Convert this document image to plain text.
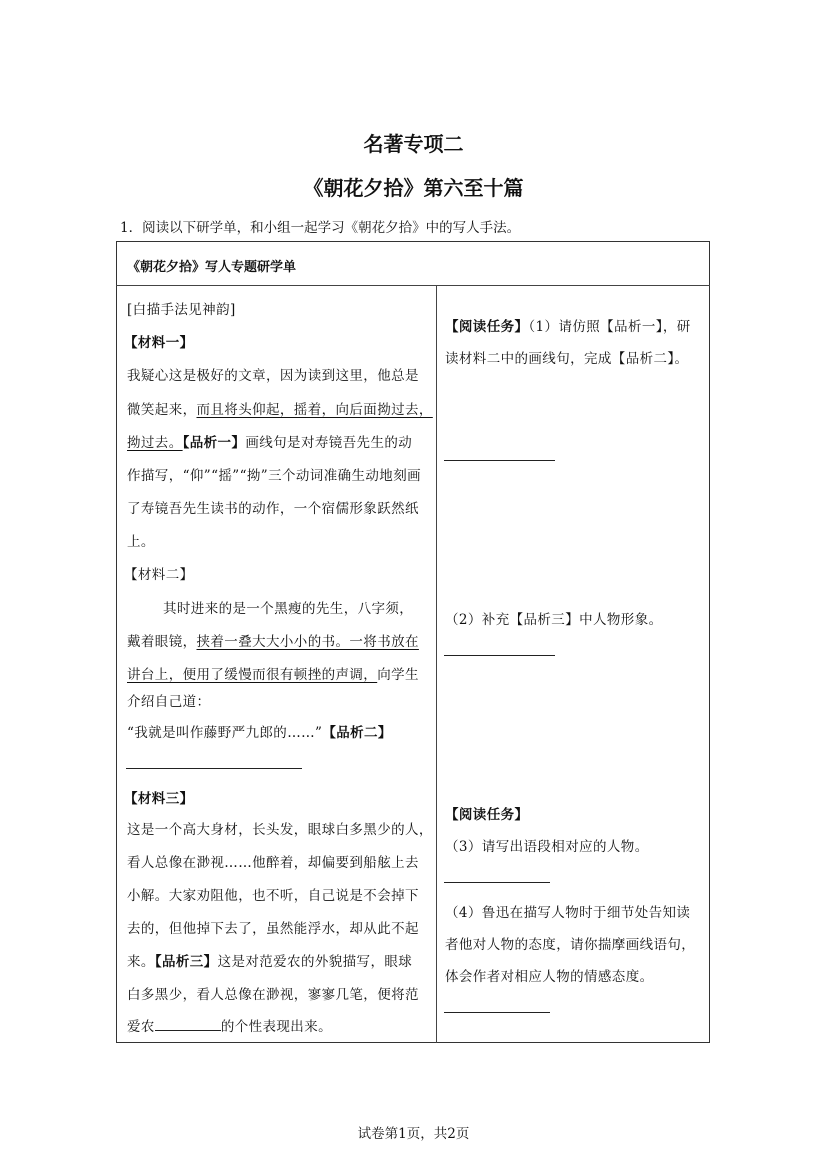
名著专项二
《朝花夕拾》第六至十篇
1．阅读以下研学单，和小组一起学习《朝花夕拾》中的写人手法。
《朝花夕拾》写人专题研学单
[白描手法见神韵]
【材料一】
我疑心这是极好的文章，因为读到这里，他总是
微笑起来，而且将头仰起，摇着，向后面拗过去，
拗过去。【品析一】画线句是对寿镜吾先生的动
作描写，“仰”“摇”“拗”三个动词准确生动地刻画
了寿镜吾先生读书的动作，一个宿儒形象跃然纸
上。
【材料二】
其时进来的是一个黑瘦的先生，八字须，
戴着眼镜，挟着一叠大大小小的书。一将书放在
讲台上，便用了缓慢而很有顿挫的声调，向学生
介绍自己道：
“我就是叫作藤野严九郎的……”【品析二】
【材料三】
这是一个高大身材，长头发，眼球白多黑少的人，
看人总像在渺视……他醉着，却偏要到船舷上去
小解。大家劝阻他，也不听，自己说是不会掉下
去的，但他掉下去了，虽然能浮水，却从此不起
来。【品析三】这是对范爱农的外貌描写，眼球
白多黑少，看人总像在渺视，寥寥几笔，便将范
爱农	的个性表现出来。
【阅读任务】（1）请仿照【品析一】，研
读材料二中的画线句，完成【品析二】。
（2）补充【品析三】中人物形象。
【阅读任务】
（3）请写出语段相对应的人物。
（4）鲁迅在描写人物时于细节处告知读
者他对人物的态度，请你揣摩画线语句，
体会作者对相应人物的情感态度。
试卷第1页，共2页
